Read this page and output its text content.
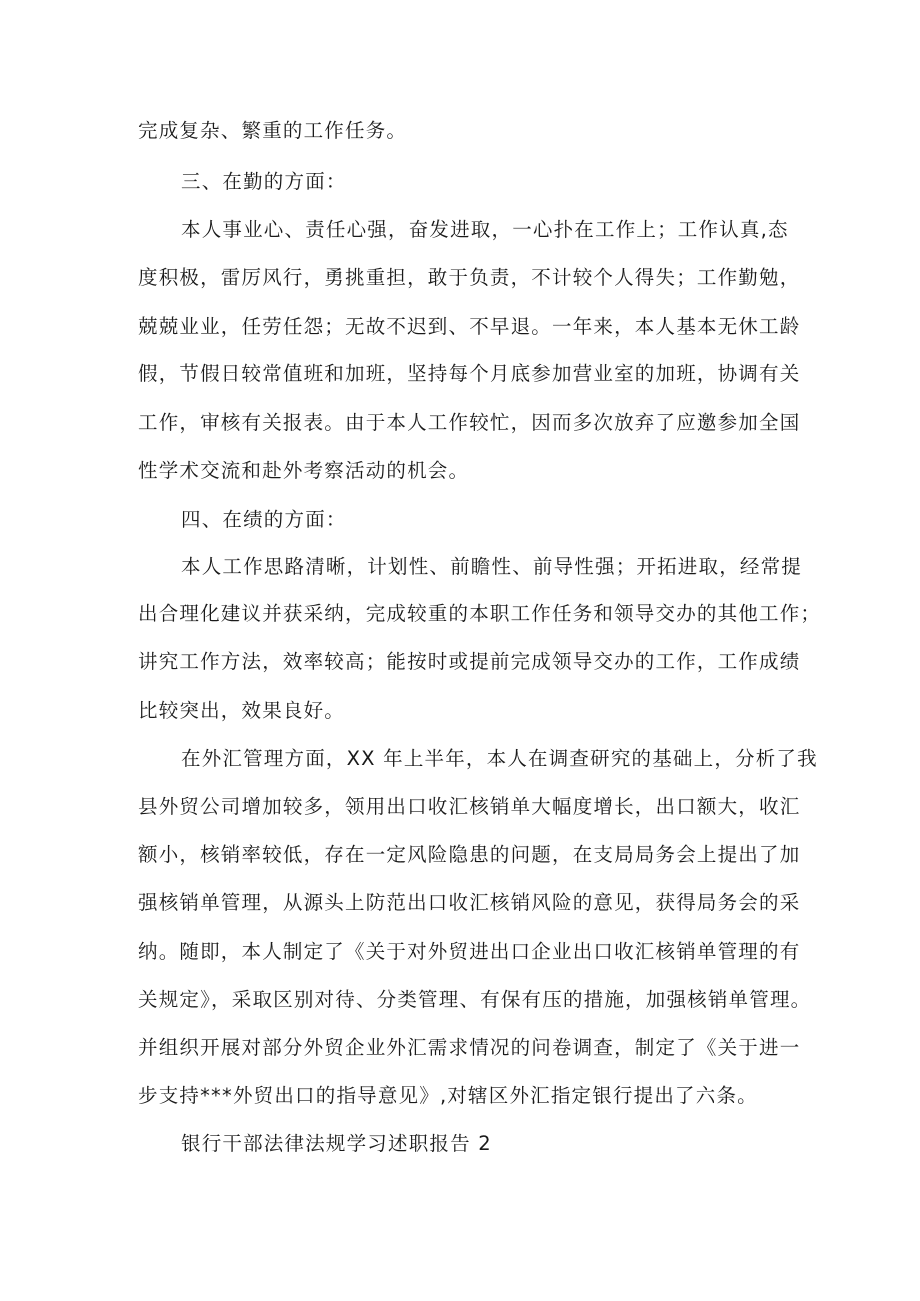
完成复杂、繁重的工作任务。

三、在勤的方面：

本人事业心、责任心强，奋发进取，一心扑在工作上；工作认真,态

度积极，雷厉风行，勇挑重担，敢于负责，不计较个人得失；工作勤勉，

兢兢业业，任劳任怨；无故不迟到、不早退。一年来，本人基本无休工龄

假，节假日较常值班和加班，坚持每个月底参加营业室的加班，协调有关

工作，审核有关报表。由于本人工作较忙，因而多次放弃了应邀参加全国

性学术交流和赴外考察活动的机会。

四、在绩的方面：

本人工作思路清晰，计划性、前瞻性、前导性强；开拓进取，经常提

出合理化建议并获采纳，完成较重的本职工作任务和领导交办的其他工作；

讲究工作方法，效率较高；能按时或提前完成领导交办的工作，工作成绩

比较突出，效果良好。

在外汇管理方面，XX 年上半年，本人在调查研究的基础上，分析了我

县外贸公司增加较多，领用出口收汇核销单大幅度增长，出口额大，收汇

额小，核销率较低，存在一定风险隐患的问题，在支局局务会上提出了加

强核销单管理，从源头上防范出口收汇核销风险的意见，获得局务会的采

纳。随即，本人制定了《关于对外贸进出口企业出口收汇核销单管理的有

关规定》，采取区别对待、分类管理、有保有压的措施，加强核销单管理。

并组织开展对部分外贸企业外汇需求情况的问卷调查，制定了《关于进一

步支持***外贸出口的指导意见》,对辖区外汇指定银行提出了六条。

银行干部法律法规学习述职报告 2
